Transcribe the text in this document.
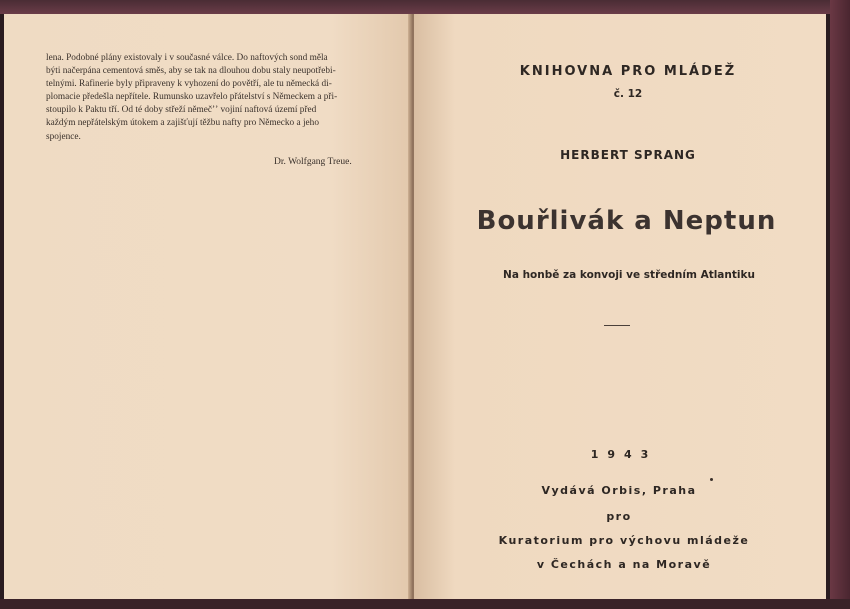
lena. Podobné plány existovaly i v současné válce. Do naftových sond měla
býti načerpána cementová směs, aby se tak na dlouhou dobu staly neupotřebi-
telnými. Rafinerie byly připraveny k vyhození do povětří, ale tu německá di-
plomacie předešla nepřítele. Rumunsko uzavřelo přátelství s Německem a při-
stoupilo k Paktu tří. Od té doby střeží němečʼʼ vojiní naftová území před
každým nepřátelským útokem a zajišťují těžbu nafty pro Německo a jeho
spojence.
Dr. Wolfgang Treue.
KNIHOVNA PRO MLÁDEŽ
č. 12
HERBERT SPRANG
Bouřlivák a Neptun
Na honbě za konvoji ve středním Atlantiku
1943
Vydává Orbis, Praha
pro
Kuratorium pro výchovu mládeže
v Čechách a na Moravě
